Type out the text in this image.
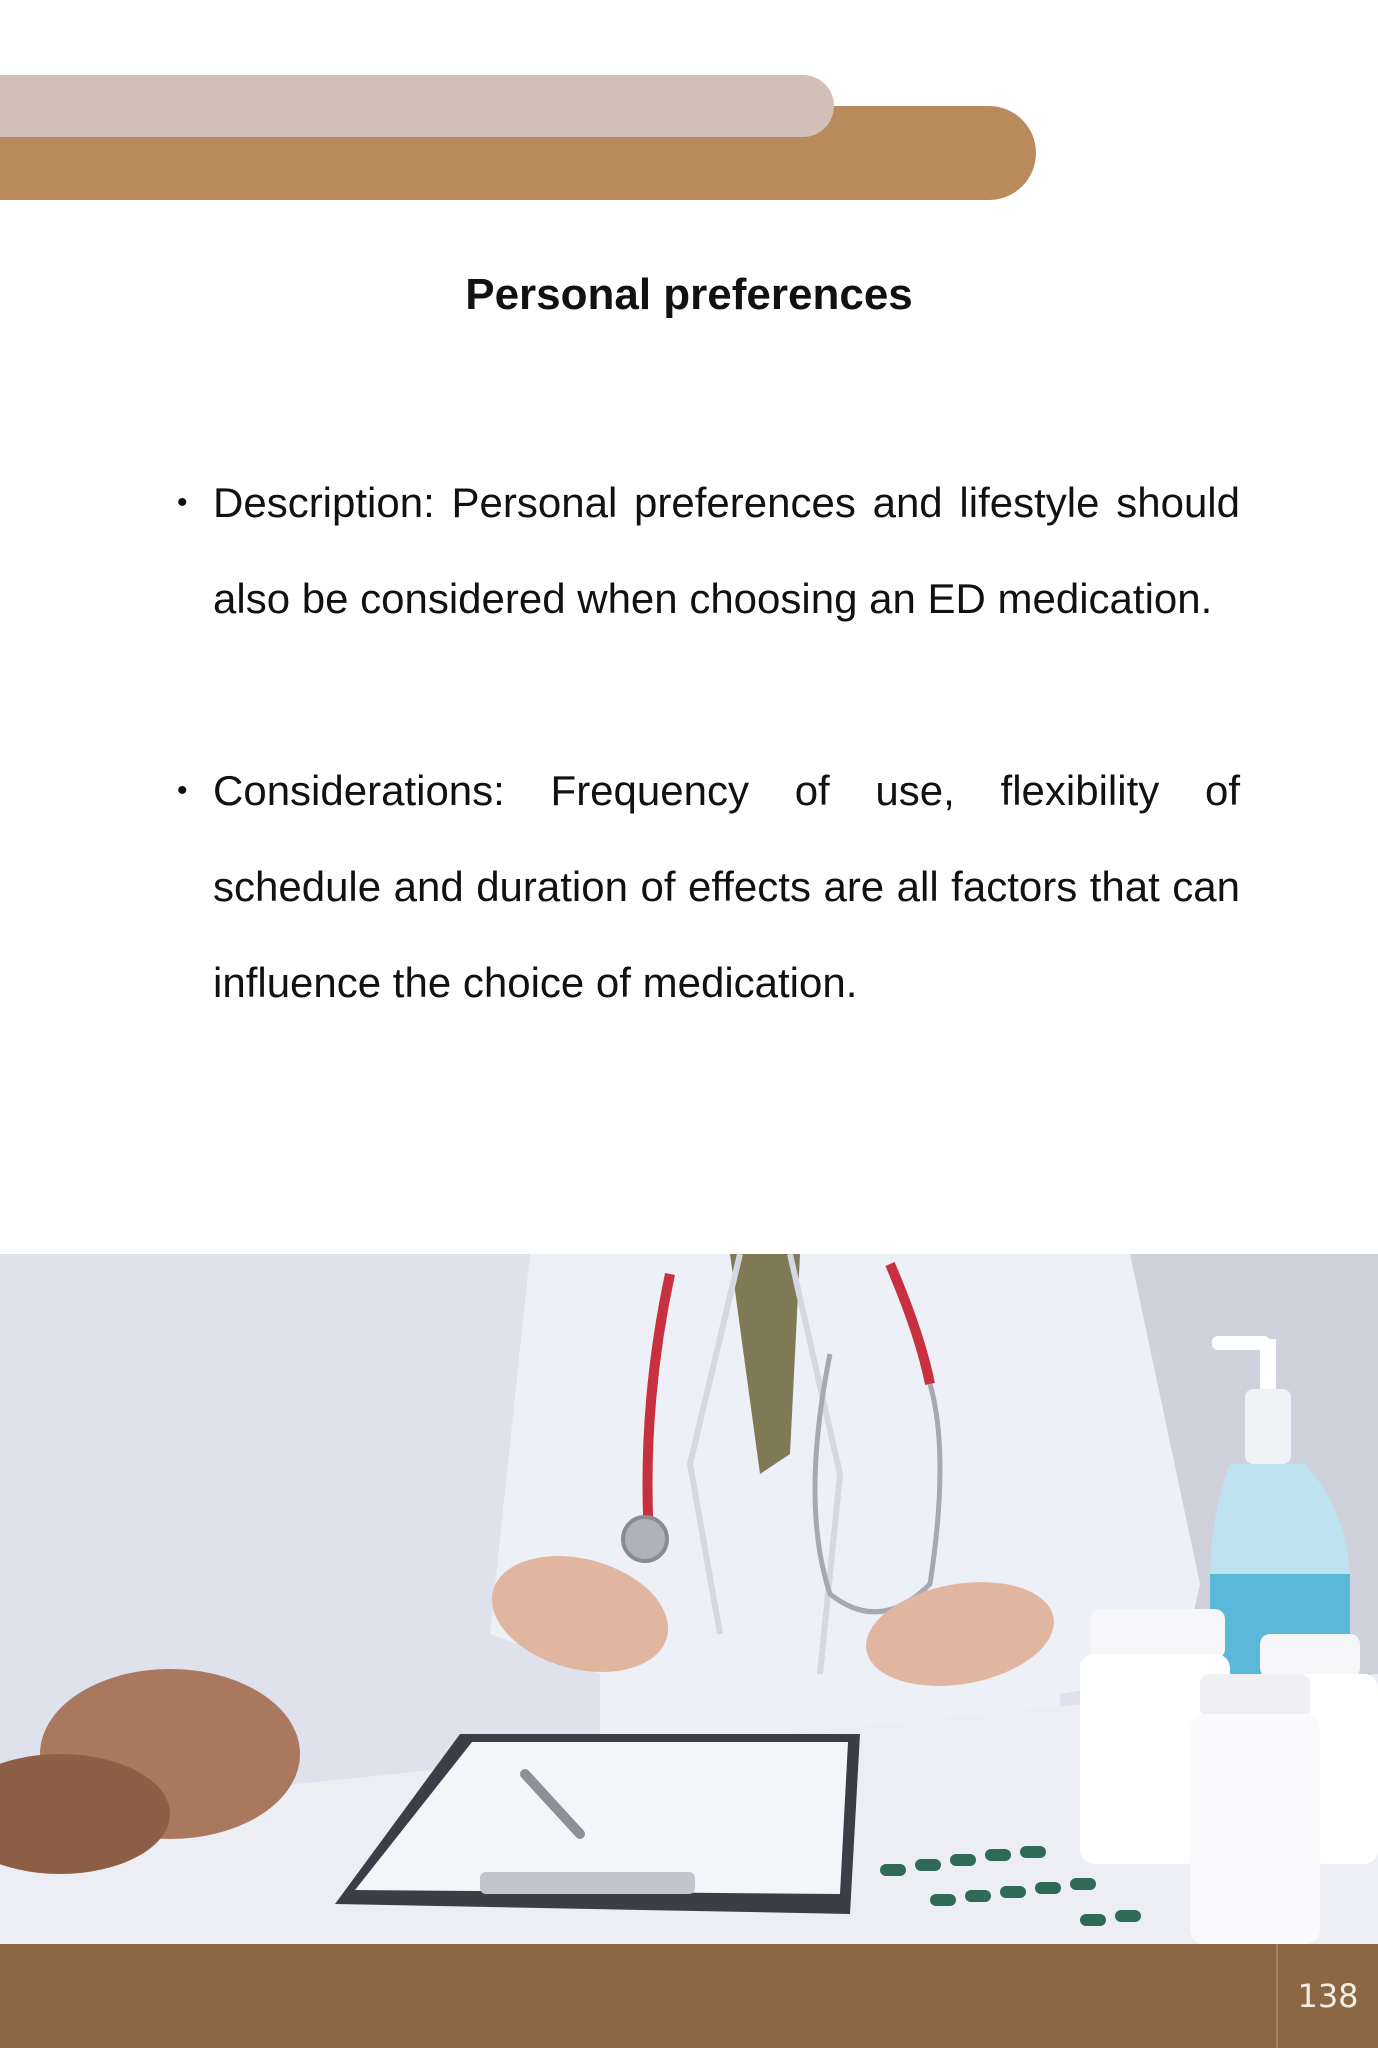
Personal preferences
• Description: Personal preferences and lifestyle should also be considered when choosing an ED medication.
• Considerations: Frequency of use, flexibility of schedule and duration of effects are all factors that can influence the choice of medication.
138
